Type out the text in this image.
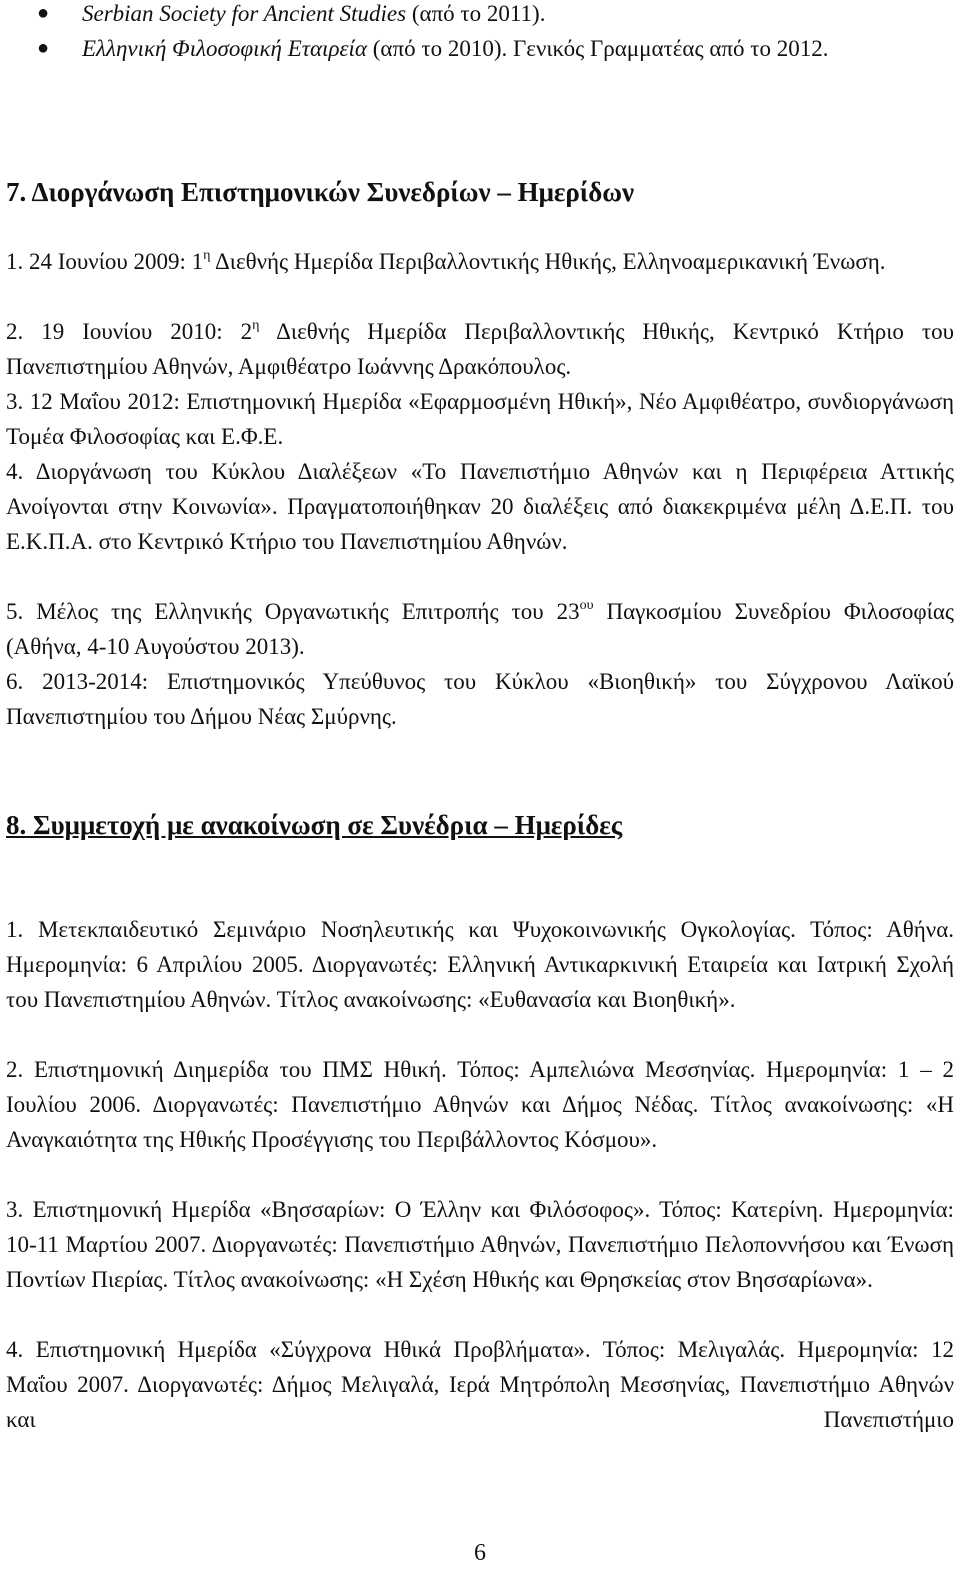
● Serbian Society for Ancient Studies (από το 2011).
● Ελληνική Φιλοσοφική Εταιρεία (από το 2010). Γενικός Γραμματέας από το 2012.
7. Διοργάνωση Επιστημονικών Συνεδρίων – Ημερίδων
1. 24 Ιουνίου 2009: $1^\eta$ Διεθνής Ημερίδα Περιβαλλοντικής Ηθικής, Ελληνοαμερικανική Ένωση.
2. 19 Ιουνίου 2010: $2^\eta$ Διεθνής Ημερίδα Περιβαλλοντικής Ηθικής, Κεντρικό Κτήριο του Πανεπιστημίου Αθηνών, Αμφιθέατρο Ιωάννης Δρακόπουλος.
3. 12 Μαΐου 2012: Επιστημονική Ημερίδα «Εφαρμοσμένη Ηθική», Νέο Αμφιθέατρο, συνδιοργάνωση Τομέα Φιλοσοφίας και Ε.Φ.Ε.
4. Διοργάνωση του Κύκλου Διαλέξεων «Το Πανεπιστήμιο Αθηνών και η Περιφέρεια Αττικής Ανοίγονται στην Κοινωνία». Πραγματοποιήθηκαν 20 διαλέξεις από διακεκριμένα μέλη Δ.Ε.Π. του Ε.Κ.Π.Α. στο Κεντρικό Κτήριο του Πανεπιστημίου Αθηνών.
5. Μέλος της Ελληνικής Οργανωτικής Επιτροπής του $23^{o\upsilon}$ Παγκοσμίου Συνεδρίου Φιλοσοφίας (Αθήνα, 4-10 Αυγούστου 2013).
6. 2013-2014: Επιστημονικός Υπεύθυνος του Κύκλου «Βιοηθική» του Σύγχρονου Λαϊκού Πανεπιστημίου του Δήμου Νέας Σμύρνης.
8. Συμμετοχή με ανακοίνωση σε Συνέδρια – Ημερίδες
1. Μετεκπαιδευτικό Σεμινάριο Νοσηλευτικής και Ψυχοκοινωνικής Ογκολογίας. Τόπος: Αθήνα. Ημερομηνία: 6 Απριλίου 2005. Διοργανωτές: Ελληνική Αντικαρκινική Εταιρεία και Ιατρική Σχολή του Πανεπιστημίου Αθηνών. Τίτλος ανακοίνωσης: «Ευθανασία και Βιοηθική».
2. Επιστημονική Διημερίδα του ΠΜΣ Ηθική. Τόπος: Αμπελιώνα Μεσσηνίας. Ημερομηνία: 1 – 2 Ιουλίου 2006. Διοργανωτές: Πανεπιστήμιο Αθηνών και Δήμος Νέδας. Τίτλος ανακοίνωσης: «Η Αναγκαιότητα της Ηθικής Προσέγγισης του Περιβάλλοντος Κόσμου».
3. Επιστημονική Ημερίδα «Βησσαρίων: Ο Έλλην και Φιλόσοφος». Τόπος: Κατερίνη. Ημερομηνία: 10-11 Μαρτίου 2007. Διοργανωτές: Πανεπιστήμιο Αθηνών, Πανεπιστήμιο Πελοποννήσου και Ένωση Ποντίων Πιερίας. Τίτλος ανακοίνωσης: «Η Σχέση Ηθικής και Θρησκείας στον Βησσαρίωνα».
4. Επιστημονική Ημερίδα «Σύγχρονα Ηθικά Προβλήματα». Τόπος: Μελιγαλάς. Ημερομηνία: 12 Μαΐου 2007. Διοργανωτές: Δήμος Μελιγαλά, Ιερά Μητρόπολη Μεσσηνίας, Πανεπιστήμιο Αθηνών και Πανεπιστήμιο
6
